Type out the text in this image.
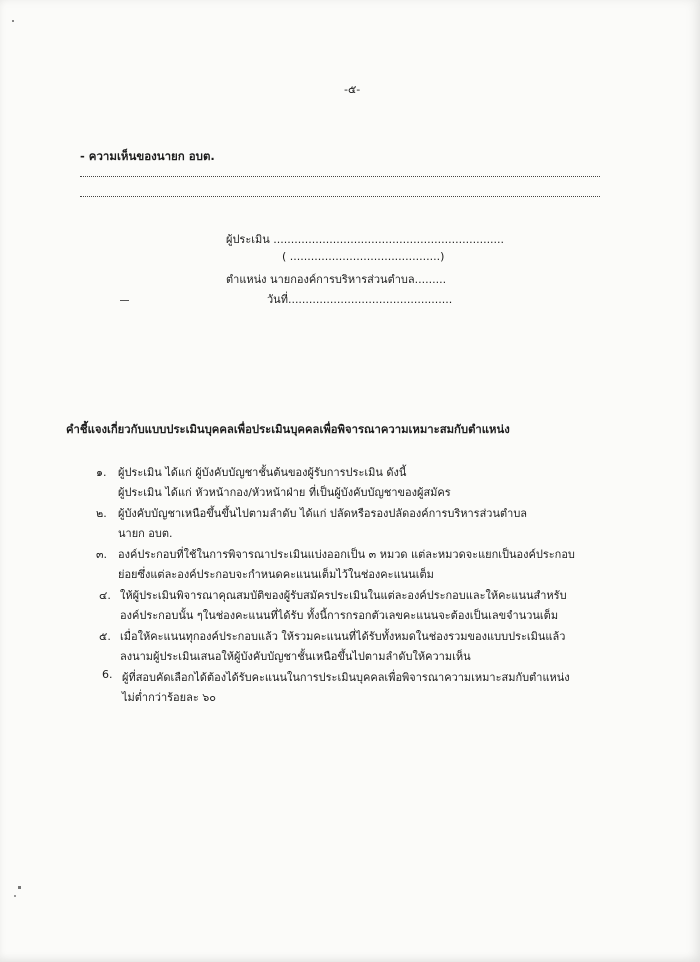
-๕-
- ความเห็นของนายก อบต.
ผู้ประเมิน ..................................................................
( ...........................................)
ตำแหน่ง นายกองค์การบริหารส่วนตำบล.........
วันที่...............................................
คำชี้แจงเกี่ยวกับแบบประเมินบุคคลเพื่อประเมินบุคคลเพื่อพิจารณาความเหมาะสมกับตำแหน่ง
๑. ผู้ประเมิน ได้แก่ ผู้บังคับบัญชาชั้นต้นของผู้รับการประเมิน ดังนี้
ผู้ประเมิน ได้แก่ หัวหน้ากอง/หัวหน้าฝ่าย ที่เป็นผู้บังคับบัญชาของผู้สมัคร
๒. ผู้บังคับบัญชาเหนือขึ้นขึ้นไปตามลำดับ ได้แก่ ปลัดหรือรองปลัดองค์การบริหารส่วนตำบล
นายก อบต.
๓. องค์ประกอบที่ใช้ในการพิจารณาประเมินแบ่งออกเป็น ๓ หมวด แต่ละหมวดจะแยกเป็นองค์ประกอบ
ย่อยซึ่งแต่ละองค์ประกอบจะกำหนดคะแนนเต็มไว้ในช่องคะแนนเต็ม
๔. ให้ผู้ประเมินพิจารณาคุณสมบัติของผู้รับสมัครประเมินในแต่ละองค์ประกอบและให้คะแนนสำหรับ
องค์ประกอบนั้น ๆในช่องคะแนนที่ได้รับ ทั้งนี้การกรอกตัวเลขคะแนนจะต้องเป็นเลขจำนวนเต็ม
๕. เมื่อให้คะแนนทุกองค์ประกอบแล้ว ให้รวมคะแนนที่ได้รับทั้งหมดในช่องรวมของแบบประเมินแล้ว
ลงนามผู้ประเมินเสนอให้ผู้บังคับบัญชาชั้นเหนือขึ้นไปตามลำดับให้ความเห็น
6. ผู้ที่สอบคัดเลือกได้ต้องได้รับคะแนนในการประเมินบุคคลเพื่อพิจารณาความเหมาะสมกับตำแหน่ง
ไม่ต่ำกว่าร้อยละ ๖๐
